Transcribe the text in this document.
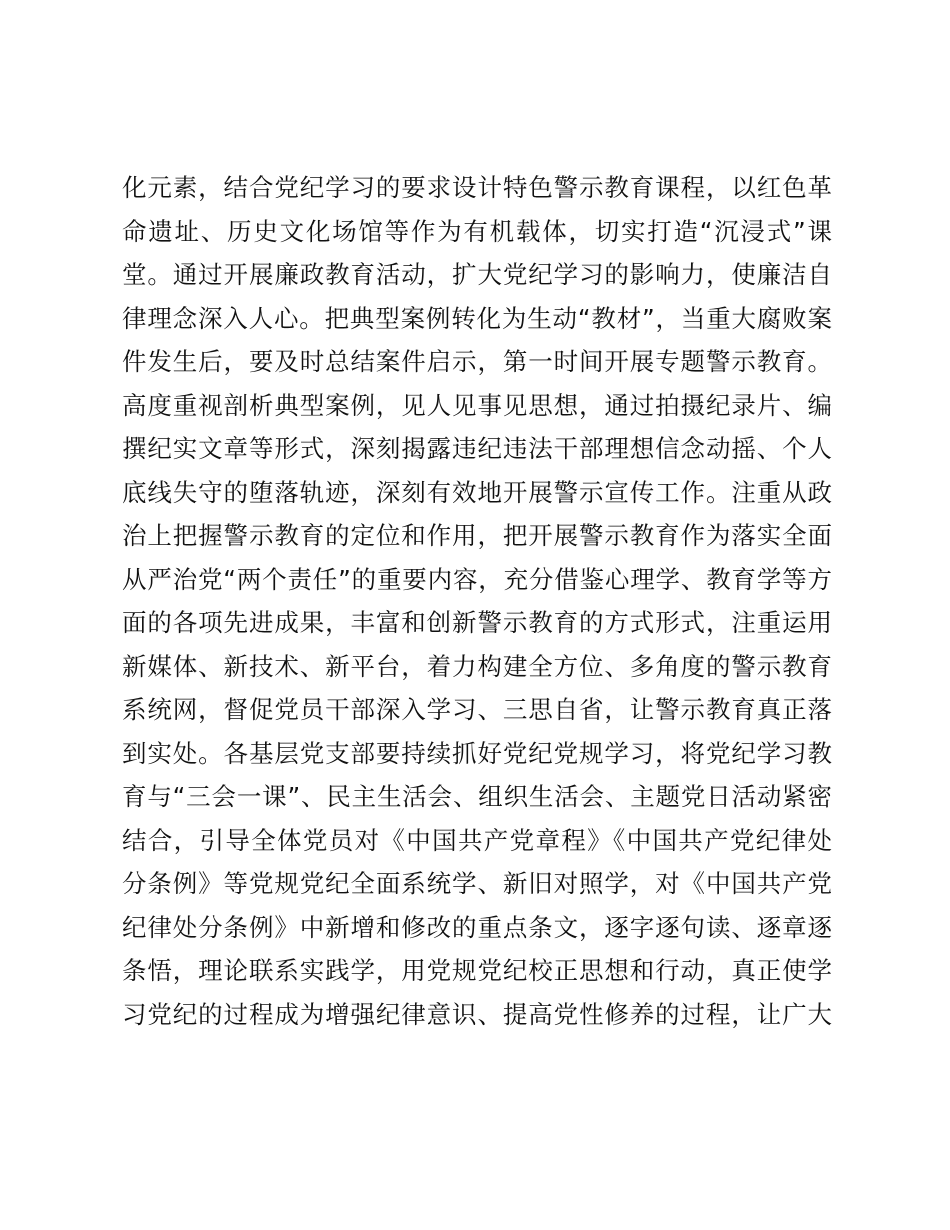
化元素，结合党纪学习的要求设计特色警示教育课程，以红色革
命遗址、历史文化场馆等作为有机载体，切实打造“沉浸式”课
堂。通过开展廉政教育活动，扩大党纪学习的影响力，使廉洁自
律理念深入人心。把典型案例转化为生动“教材”，当重大腐败案
件发生后，要及时总结案件启示，第一时间开展专题警示教育。
高度重视剖析典型案例，见人见事见思想，通过拍摄纪录片、编
撰纪实文章等形式，深刻揭露违纪违法干部理想信念动摇、个人
底线失守的堕落轨迹，深刻有效地开展警示宣传工作。注重从政
治上把握警示教育的定位和作用，把开展警示教育作为落实全面
从严治党“两个责任”的重要内容，充分借鉴心理学、教育学等方
面的各项先进成果，丰富和创新警示教育的方式形式，注重运用
新媒体、新技术、新平台，着力构建全方位、多角度的警示教育
系统网，督促党员干部深入学习、三思自省，让警示教育真正落
到实处。各基层党支部要持续抓好党纪党规学习，将党纪学习教
育与“三会一课”、民主生活会、组织生活会、主题党日活动紧密
结合，引导全体党员对《中国共产党章程》《中国共产党纪律处
分条例》等党规党纪全面系统学、新旧对照学，对《中国共产党
纪律处分条例》中新增和修改的重点条文，逐字逐句读、逐章逐
条悟，理论联系实践学，用党规党纪校正思想和行动，真正使学
习党纪的过程成为增强纪律意识、提高党性修养的过程，让广大
